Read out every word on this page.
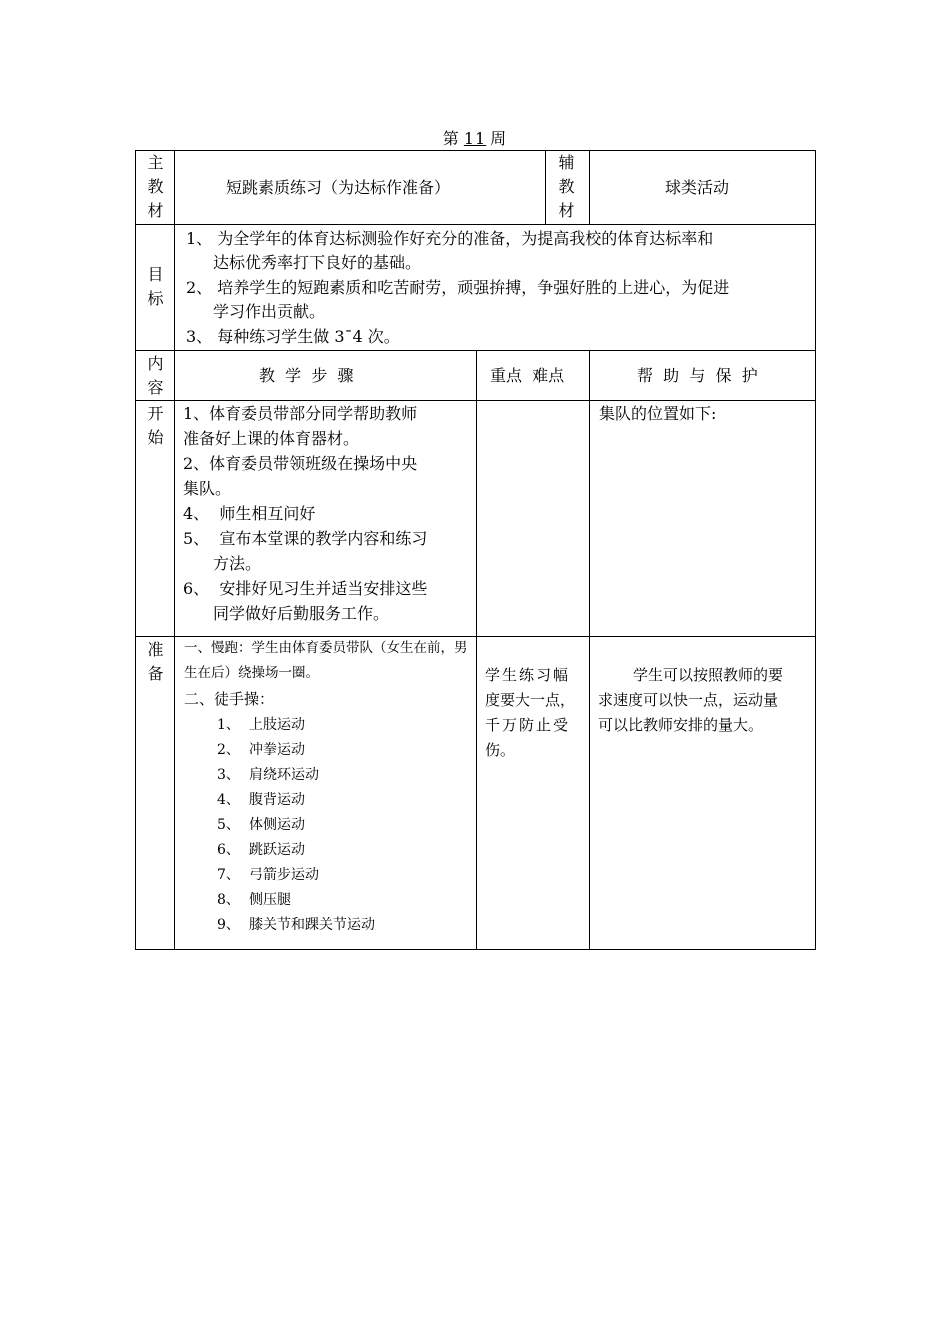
第 11 周
主
教
材
短跳素质练习（为达标作准备）
辅
教
材
球类活动
目
标
1、 为全学年的体育达标测验作好充分的准备，为提高我校的体育达标率和
达标优秀率打下良好的基础。
2、 培养学生的短跑素质和吃苦耐劳，顽强拚搏，争强好胜的上进心，为促进
学习作出贡献。
3、 每种练习学生做 3¯4 次。
内
容
教  学  步  骤	重点  难点	帮  助  与  保  护
开
始
1、体育委员带部分同学帮助教师
准备好上课的体育器材。
2、体育委员带领班级在操场中央
集队。
4、  师生相互问好
5、  宣布本堂课的教学内容和练习
方法。
6、  安排好见习生并适当安排这些
同学做好后勤服务工作。
集队的位置如下:
准
备
一、慢跑：学生由体育委员带队（女生在前，男
生在后）绕操场一圈。
二、徒手操：
1、 上肢运动
2、 冲拳运动
3、 肩绕环运动
4、 腹背运动
5、 体侧运动
6、 跳跃运动
7、 弓箭步运动
8、 侧压腿
9、 膝关节和踝关节运动
学生练习幅
度要大一点，
千万防止受
伤。
学生可以按照教师的要
求速度可以快一点，运动量
可以比教师安排的量大。
